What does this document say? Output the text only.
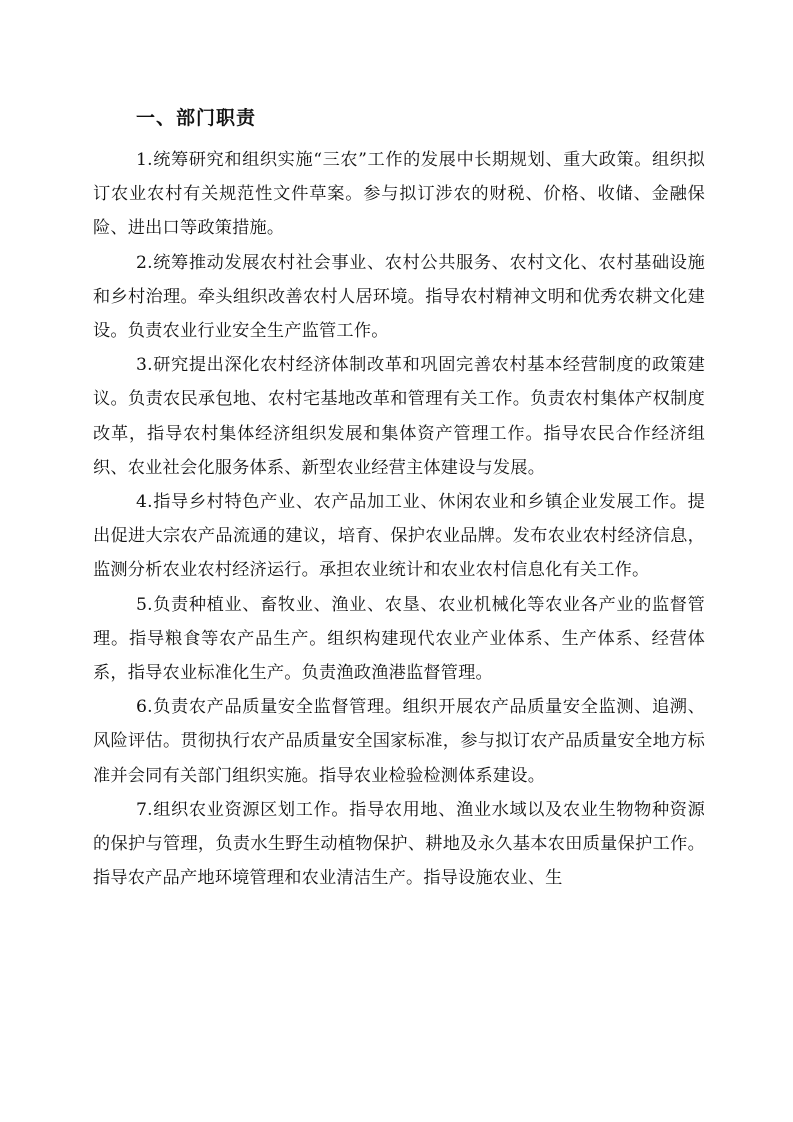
一、部门职责

1.统筹研究和组织实施“三农”工作的发展中长期规划、重大政策。组织拟订农业农村有关规范性文件草案。参与拟订涉农的财税、价格、收储、金融保险、进出口等政策措施。

2.统筹推动发展农村社会事业、农村公共服务、农村文化、农村基础设施和乡村治理。牵头组织改善农村人居环境。指导农村精神文明和优秀农耕文化建设。负责农业行业安全生产监管工作。

3.研究提出深化农村经济体制改革和巩固完善农村基本经营制度的政策建议。负责农民承包地、农村宅基地改革和管理有关工作。负责农村集体产权制度改革，指导农村集体经济组织发展和集体资产管理工作。指导农民合作经济组织、农业社会化服务体系、新型农业经营主体建设与发展。

4.指导乡村特色产业、农产品加工业、休闲农业和乡镇企业发展工作。提出促进大宗农产品流通的建议，培育、保护农业品牌。发布农业农村经济信息，监测分析农业农村经济运行。承担农业统计和农业农村信息化有关工作。

5.负责种植业、畜牧业、渔业、农垦、农业机械化等农业各产业的监督管理。指导粮食等农产品生产。组织构建现代农业产业体系、生产体系、经营体系，指导农业标准化生产。负责渔政渔港监督管理。

6.负责农产品质量安全监督管理。组织开展农产品质量安全监测、追溯、风险评估。贯彻执行农产品质量安全国家标准，参与拟订农产品质量安全地方标准并会同有关部门组织实施。指导农业检验检测体系建设。

7.组织农业资源区划工作。指导农用地、渔业水域以及农业生物物种资源的保护与管理，负责水生野生动植物保护、耕地及永久基本农田质量保护工作。指导农产品产地环境管理和农业清洁生产。指导设施农业、生
